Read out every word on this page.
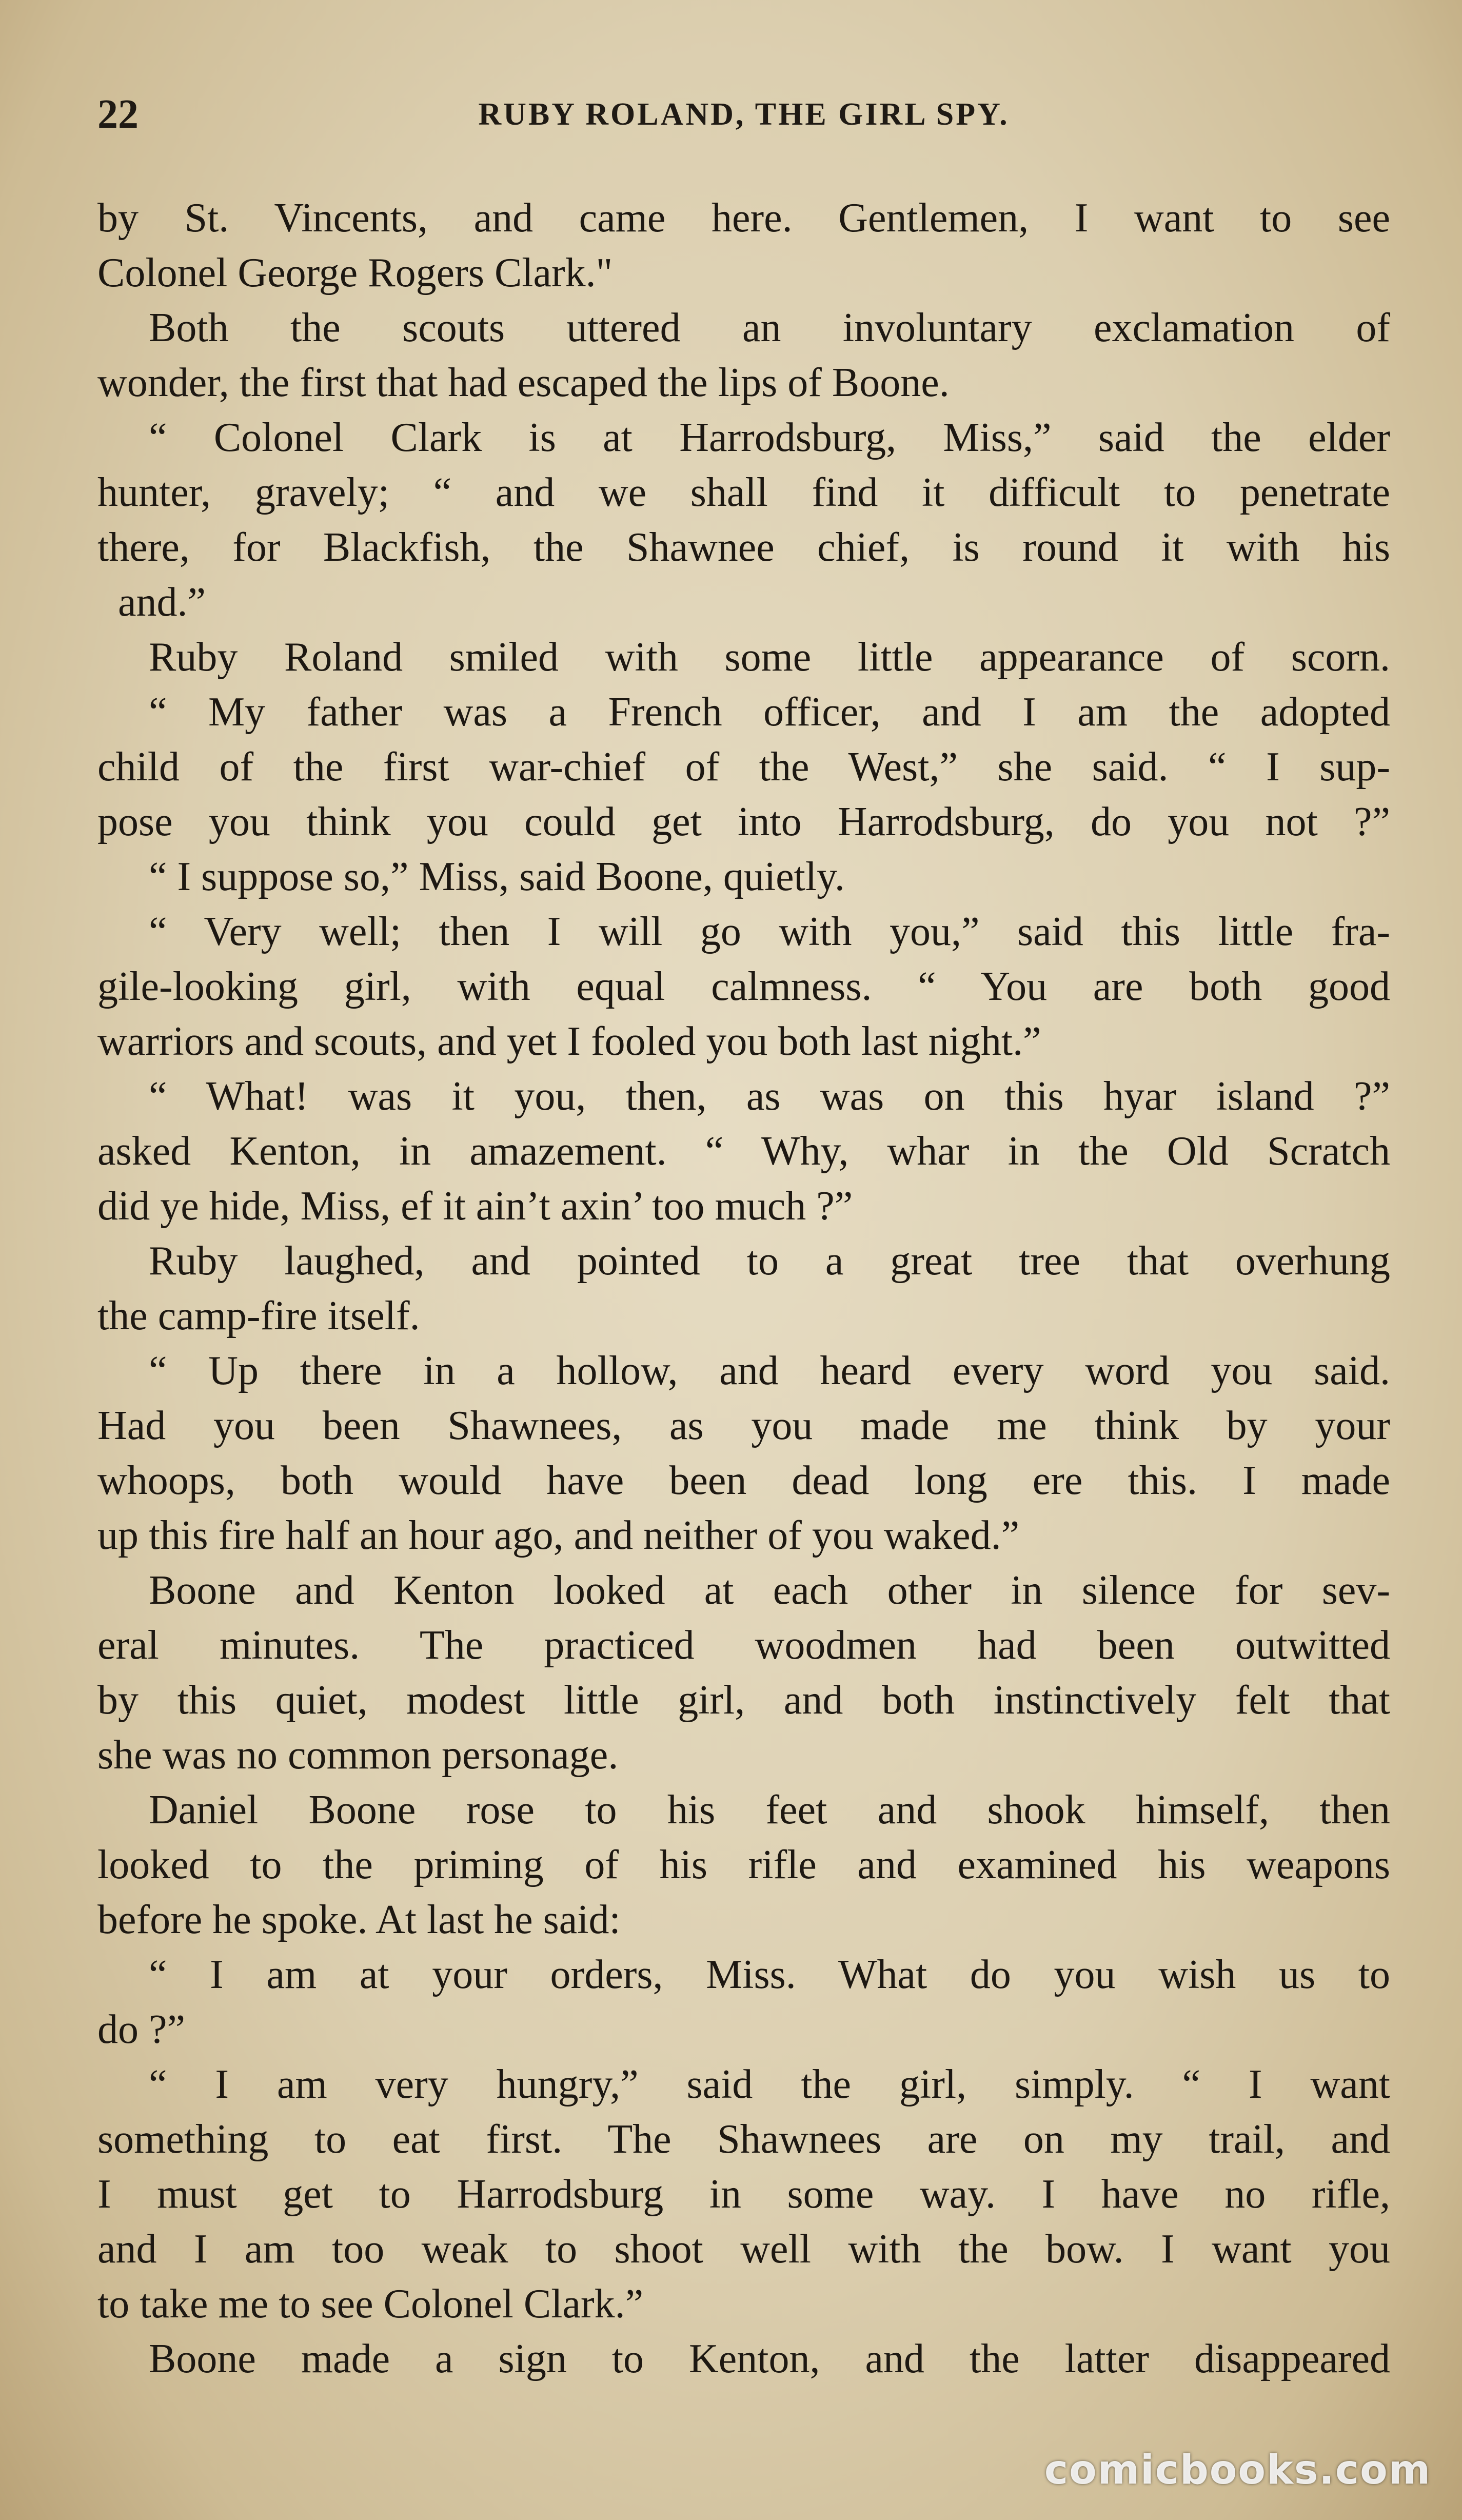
22	RUBY ROLAND, THE GIRL SPY.
by St. Vincents, and came here. Gentlemen, I want to see
Colonel George Rogers Clark."
Both the scouts uttered an involuntary exclamation of
wonder, the first that had escaped the lips of Boone.
“ Colonel Clark is at Harrodsburg, Miss,” said the elder
hunter, gravely; “ and we shall find it difficult to penetrate
there, for Blackfish, the Shawnee chief, is round it with his
and.”
Ruby Roland smiled with some little appearance of scorn.
“ My father was a French officer, and I am the adopted
child of the first war-chief of the West,” she said. “ I sup-
pose you think you could get into Harrodsburg, do you not ?”
“ I suppose so,” Miss, said Boone, quietly.
“ Very well; then I will go with you,” said this little fra-
gile-looking girl, with equal calmness. “ You are both good
warriors and scouts, and yet I fooled you both last night.”
“ What! was it you, then, as was on this hyar island ?”
asked Kenton, in amazement. “ Why, whar in the Old Scratch
did ye hide, Miss, ef it ain’t axin’ too much ?”
Ruby laughed, and pointed to a great tree that overhung
the camp-fire itself.
“ Up there in a hollow, and heard every word you said.
Had you been Shawnees, as you made me think by your
whoops, both would have been dead long ere this. I made
up this fire half an hour ago, and neither of you waked.”
Boone and Kenton looked at each other in silence for sev-
eral minutes. The practiced woodmen had been outwitted
by this quiet, modest little girl, and both instinctively felt that
she was no common personage.
Daniel Boone rose to his feet and shook himself, then
looked to the priming of his rifle and examined his weapons
before he spoke. At last he said:
“ I am at your orders, Miss. What do you wish us to
do ?”
“ I am very hungry,” said the girl, simply. “ I want
something to eat first. The Shawnees are on my trail, and
I must get to Harrodsburg in some way. I have no rifle,
and I am too weak to shoot well with the bow. I want you
to take me to see Colonel Clark.”
Boone made a sign to Kenton, and the latter disappeared
comicbooks.com
